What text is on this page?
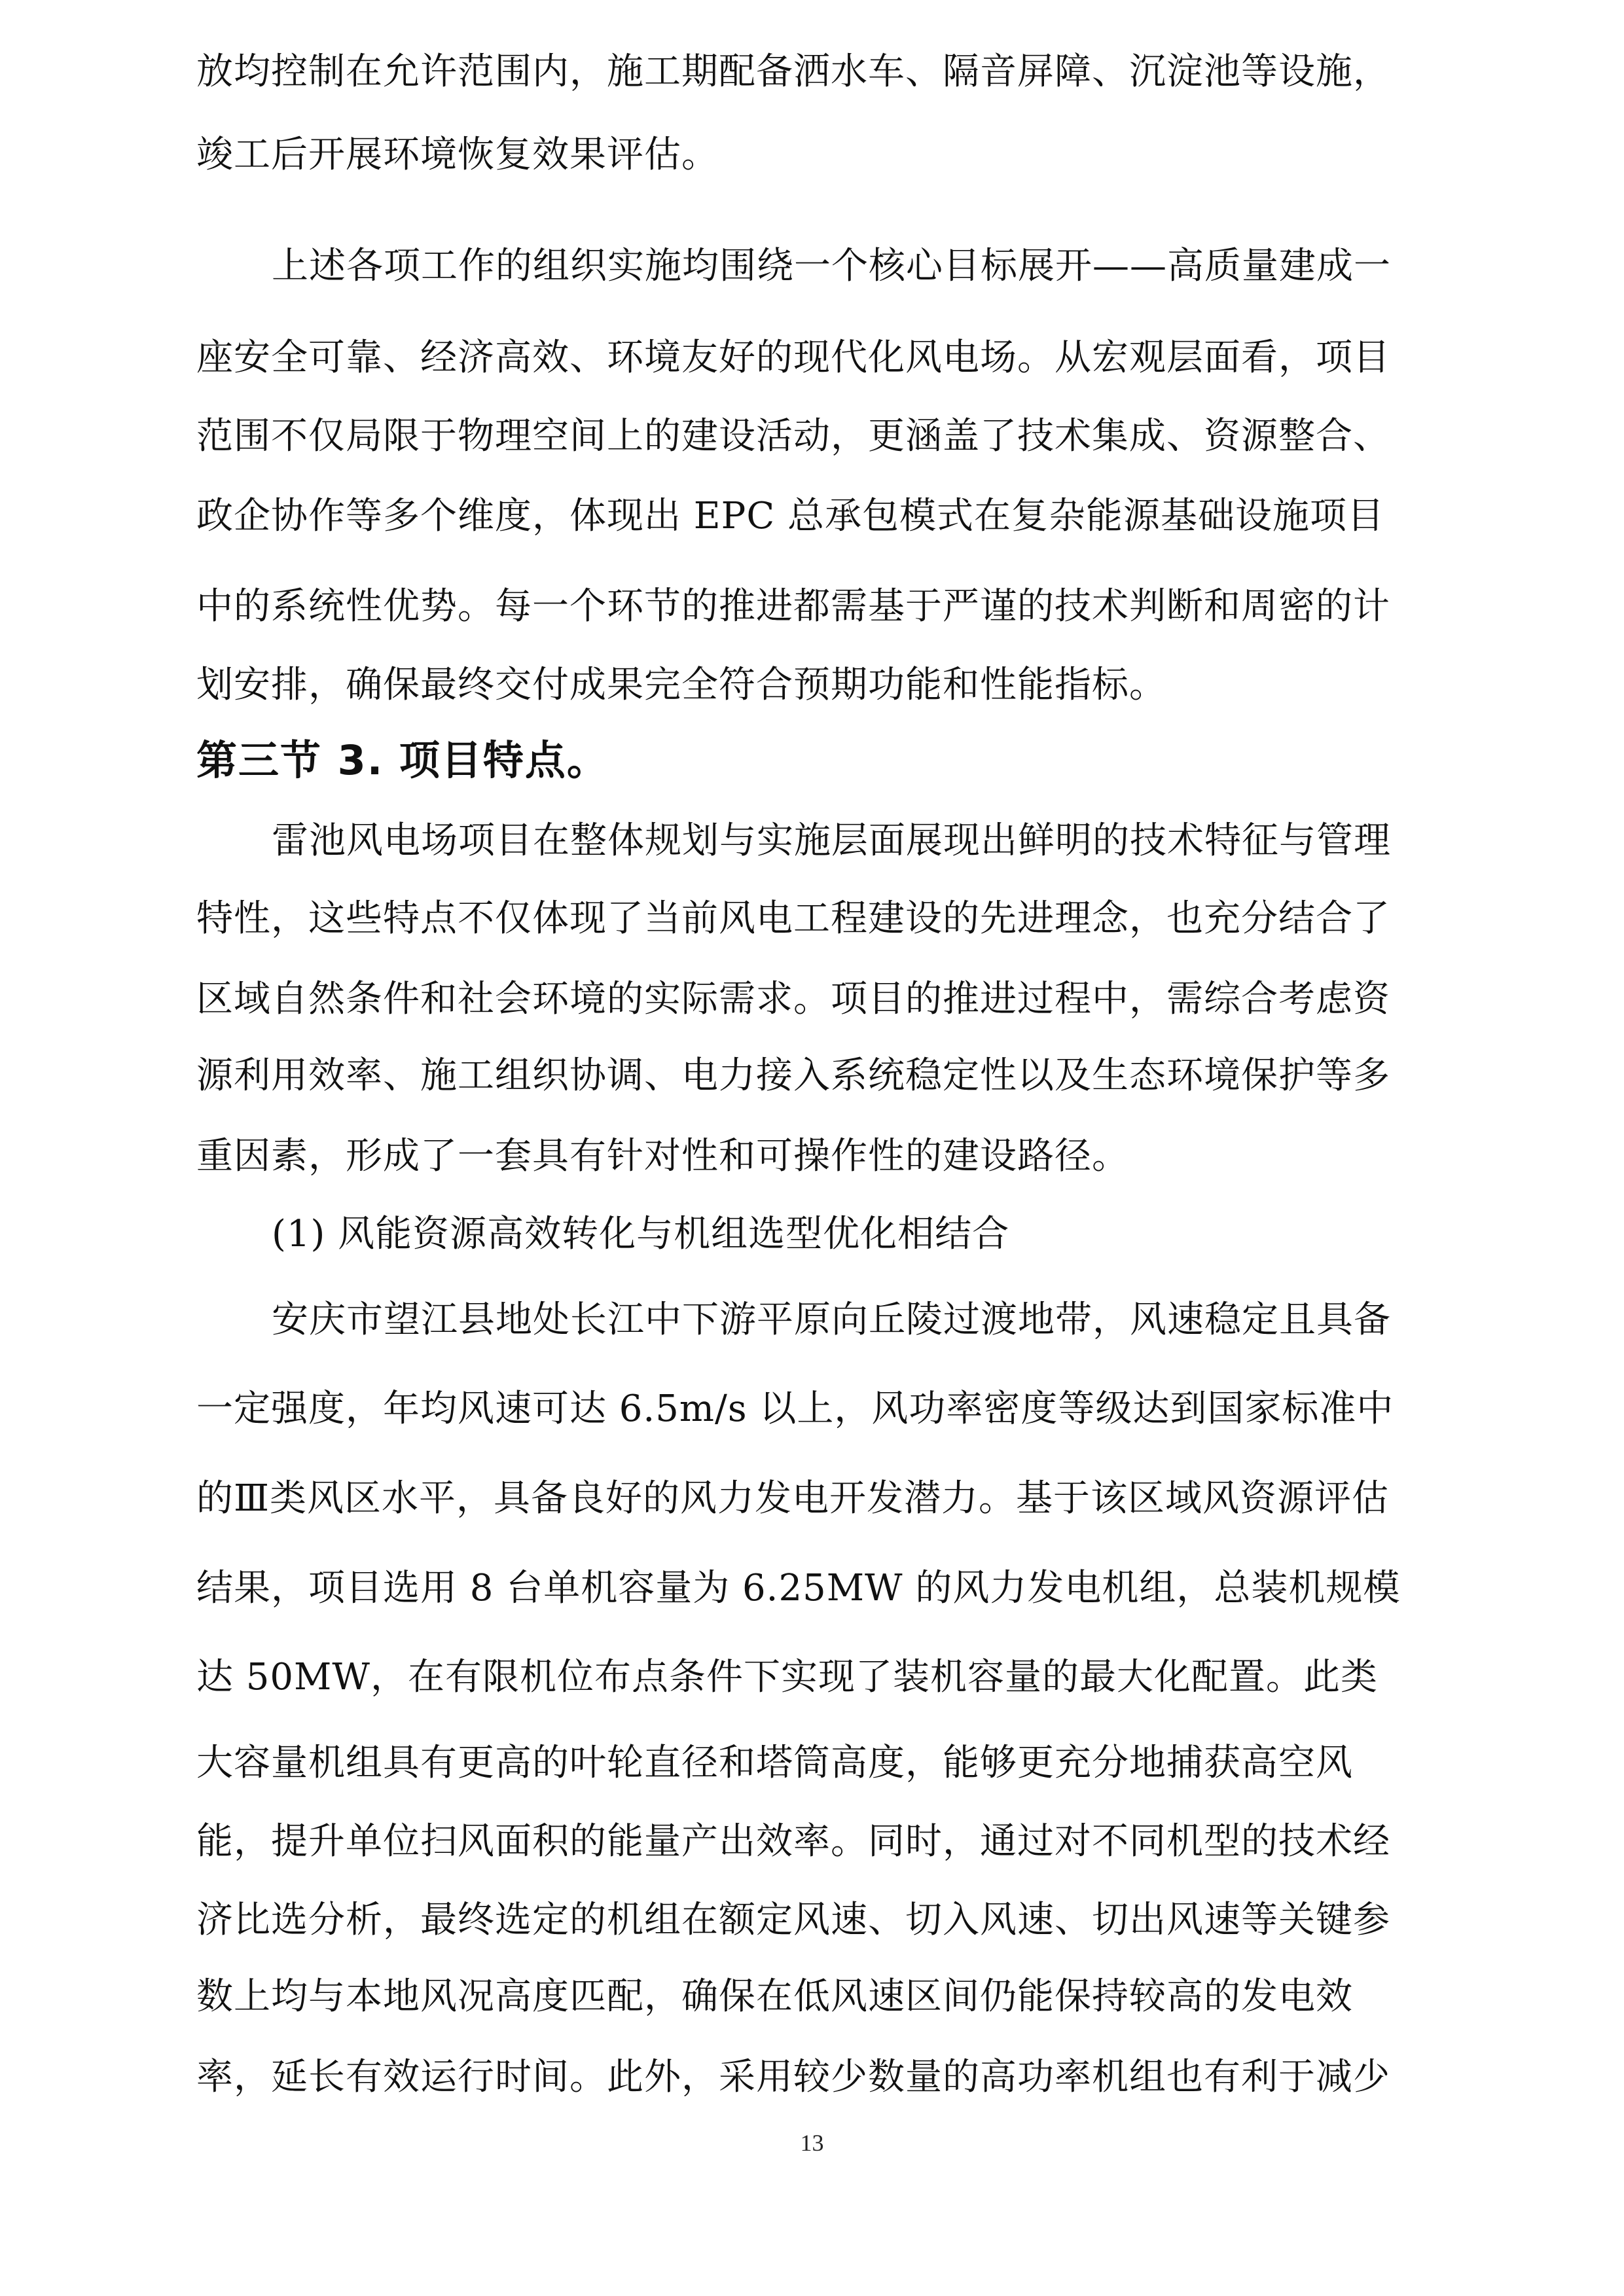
放均控制在允许范围内，施工期配备洒水车、隔音屏障、沉淀池等设施，
竣工后开展环境恢复效果评估。
上述各项工作的组织实施均围绕一个核心目标展开——高质量建成一
座安全可靠、经济高效、环境友好的现代化风电场。从宏观层面看，项目
范围不仅局限于物理空间上的建设活动，更涵盖了技术集成、资源整合、
政企协作等多个维度，体现出 EPC 总承包模式在复杂能源基础设施项目
中的系统性优势。每一个环节的推进都需基于严谨的技术判断和周密的计
划安排，确保最终交付成果完全符合预期功能和性能指标。
第三节 3. 项目特点。
雷池风电场项目在整体规划与实施层面展现出鲜明的技术特征与管理
特性，这些特点不仅体现了当前风电工程建设的先进理念，也充分结合了
区域自然条件和社会环境的实际需求。项目的推进过程中，需综合考虑资
源利用效率、施工组织协调、电力接入系统稳定性以及生态环境保护等多
重因素，形成了一套具有针对性和可操作性的建设路径。
(1) 风能资源高效转化与机组选型优化相结合
安庆市望江县地处长江中下游平原向丘陵过渡地带，风速稳定且具备
一定强度，年均风速可达 6.5m/s 以上，风功率密度等级达到国家标准中
的Ⅲ类风区水平，具备良好的风力发电开发潜力。基于该区域风资源评估
结果，项目选用 8 台单机容量为 6.25MW 的风力发电机组，总装机规模
达 50MW，在有限机位布点条件下实现了装机容量的最大化配置。此类
大容量机组具有更高的叶轮直径和塔筒高度，能够更充分地捕获高空风
能，提升单位扫风面积的能量产出效率。同时，通过对不同机型的技术经
济比选分析，最终选定的机组在额定风速、切入风速、切出风速等关键参
数上均与本地风况高度匹配，确保在低风速区间仍能保持较高的发电效
率，延长有效运行时间。此外，采用较少数量的高功率机组也有利于减少
13
